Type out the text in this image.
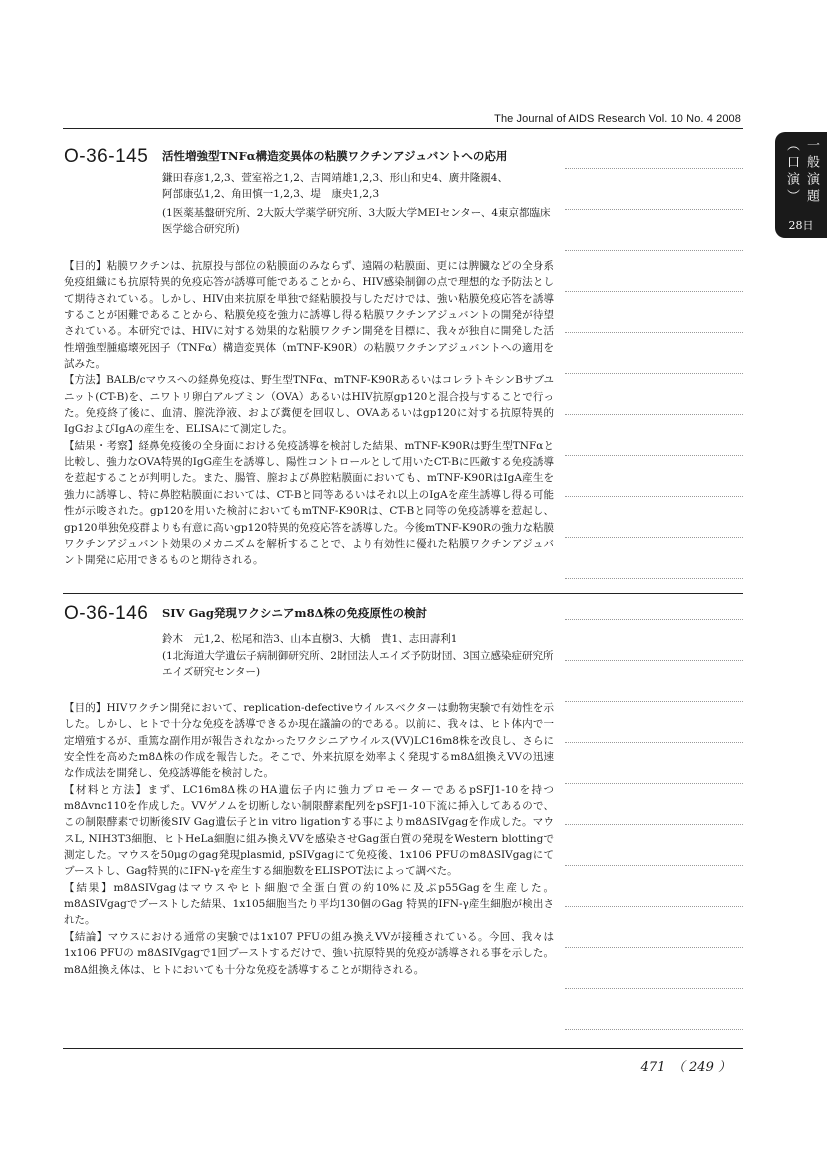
The Journal of AIDS Research Vol. 10 No. 4 2008
一般演題
（口演）
28日
O-36-145 活性増強型TNFα構造変異体の粘膜ワクチンアジュバントへの応用
鎌田春彦1,2,3、萱室裕之1,2、吉岡靖雄1,2,3、形山和史4、廣井隆親4、
阿部康弘1,2、角田慎一1,2,3、堤　康央1,2,3
(1医薬基盤研究所、2大阪大学薬学研究所、3大阪大学MEIセンター、4東京都臨床医学総合研究所)

【目的】粘膜ワクチンは、抗原投与部位の粘膜面のみならず、遠隔の粘膜面、更には脾臓などの全身系免疫組織にも抗原特異的免疫応答が誘導可能であることから、HIV感染制御の点で理想的な予防法として期待されている。しかし、HIV由来抗原を単独で経粘膜投与しただけでは、強い粘膜免疫応答を誘導することが困難であることから、粘膜免疫を強力に誘導し得る粘膜ワクチンアジュバントの開発が待望されている。本研究では、HIVに対する効果的な粘膜ワクチン開発を目標に、我々が独自に開発した活性増強型腫瘍壊死因子（TNFα）構造変異体（mTNF-K90R）の粘膜ワクチンアジュバントへの適用を試みた。

【方法】BALB/cマウスへの経鼻免疫は、野生型TNFα、mTNF-K90RあるいはコレラトキシンBサブユニット(CT-B)を、ニワトリ卵白アルブミン（OVA）あるいはHIV抗原gp120と混合投与することで行った。免疫終了後に、血清、膣洗浄液、および糞便を回収し、OVAあるいはgp120に対する抗原特異的IgGおよびIgAの産生を、ELISAにて測定した。

【結果・考察】経鼻免疫後の全身面における免疫誘導を検討した結果、mTNF-K90Rは野生型TNFαと比較し、強力なOVA特異的IgG産生を誘導し、陽性コントロールとして用いたCT-Bに匹敵する免疫誘導を惹起することが判明した。また、腸管、膣および鼻腔粘膜面においても、mTNF-K90RはIgA産生を強力に誘導し、特に鼻腔粘膜面においては、CT-Bと同等あるいはそれ以上のIgAを産生誘導し得る可能性が示唆された。gp120を用いた検討においてもmTNF-K90Rは、CT-Bと同等の免疫誘導を惹起し、gp120単独免疫群よりも有意に高いgp120特異的免疫応答を誘導した。今後mTNF-K90Rの強力な粘膜ワクチンアジュバント効果のメカニズムを解析することで、より有効性に優れた粘膜ワクチンアジュバント開発に応用できるものと期待される。

O-36-146 SIV Gag発現ワクシニアm8Δ株の免疫原性の検討
鈴木　元1,2、松尾和浩3、山本直樹3、大橋　貴1、志田壽利1
(1北海道大学遺伝子病制御研究所、2財団法人エイズ予防財団、3国立感染症研究所エイズ研究センター)

【目的】HIVワクチン開発において、replication-defectiveウイルスベクターは動物実験で有効性を示した。しかし、ヒトで十分な免疫を誘導できるか現在議論の的である。以前に、我々は、ヒト体内で一定増殖するが、重篤な副作用が報告されなかったワクシニアウイルス(VV)LC16m8株を改良し、さらに安全性を高めたm8Δ株の作成を報告した。そこで、外来抗原を効率よく発現するm8Δ組換えVVの迅速な作成法を開発し、免疫誘導能を検討した。

【材料と方法】まず、LC16m8Δ株のHA遺伝子内に強力プロモーターであるpSFJ1-10を持つm8Δvnc110を作成した。VVゲノムを切断しない制限酵素配列をpSFJ1-10下流に挿入してあるので、この制限酵素で切断後SIV Gag遺伝子とin vitro ligationする事によりm8ΔSIVgagを作成した。マウスL, NIH3T3細胞、ヒトHeLa細胞に組み換えVVを感染させGag蛋白質の発現をWestern blottingで測定した。マウスを50μgのgag発現plasmid, pSIVgagにて免疫後、1x106 PFUのm8ΔSIVgagにてブーストし、Gag特異的にIFN-γを産生する細胞数をELISPOT法によって調べた。

【結果】m8ΔSIVgagはマウスやヒト細胞で全蛋白質の約10%に及ぶp55Gagを生産した。m8ΔSIVgagでブーストした結果、1x105細胞当たり平均130個のGag 特異的IFN-γ産生細胞が検出された。

【結論】マウスにおける通常の実験では1x107 PFUの組み換えVVが接種されている。今回、我々は1x106 PFUの m8ΔSIVgagで1回ブーストするだけで、強い抗原特異的免疫が誘導される事を示した。m8Δ組換え体は、ヒトにおいても十分な免疫を誘導することが期待される。

471　（ 249 ）
